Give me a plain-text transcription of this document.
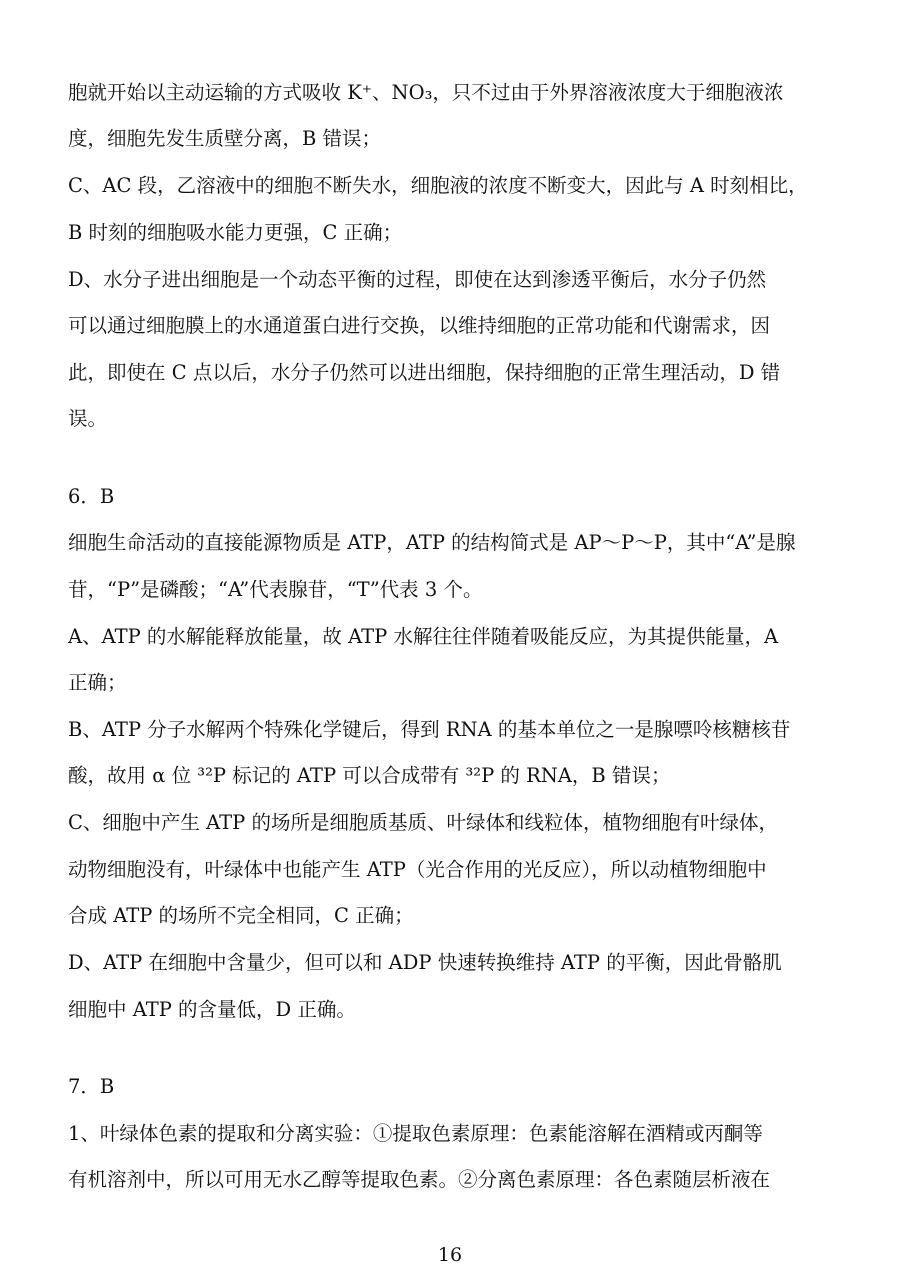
胞就开始以主动运输的方式吸收 K⁺、NO₃，只不过由于外界溶液浓度大于细胞液浓
度，细胞先发生质壁分离，B 错误；
C、AC 段，乙溶液中的细胞不断失水，细胞液的浓度不断变大，因此与 A 时刻相比，
B 时刻的细胞吸水能力更强，C 正确；
D、水分子进出细胞是一个动态平衡的过程，即使在达到渗透平衡后，水分子仍然
可以通过细胞膜上的水通道蛋白进行交换，以维持细胞的正常功能和代谢需求，因
此，即使在 C 点以后，水分子仍然可以进出细胞，保持细胞的正常生理活动，D 错
误。
6．B
细胞生命活动的直接能源物质是 ATP，ATP 的结构简式是 AP～P～P，其中“A”是腺
苷，“P”是磷酸；“A”代表腺苷，“T”代表 3 个。
A、ATP 的水解能释放能量，故 ATP 水解往往伴随着吸能反应，为其提供能量，A
正确；
B、ATP 分子水解两个特殊化学键后，得到 RNA 的基本单位之一是腺嘌呤核糖核苷
酸，故用 α 位 ³²P 标记的 ATP 可以合成带有 ³²P 的 RNA，B 错误；
C、细胞中产生 ATP 的场所是细胞质基质、叶绿体和线粒体，植物细胞有叶绿体，
动物细胞没有，叶绿体中也能产生 ATP（光合作用的光反应），所以动植物细胞中
合成 ATP 的场所不完全相同，C 正确；
D、ATP 在细胞中含量少，但可以和 ADP 快速转换维持 ATP 的平衡，因此骨骼肌
细胞中 ATP 的含量低，D 正确。
7．B
1、叶绿体色素的提取和分离实验：①提取色素原理：色素能溶解在酒精或丙酮等
有机溶剂中，所以可用无水乙醇等提取色素。②分离色素原理：各色素随层析液在
16
